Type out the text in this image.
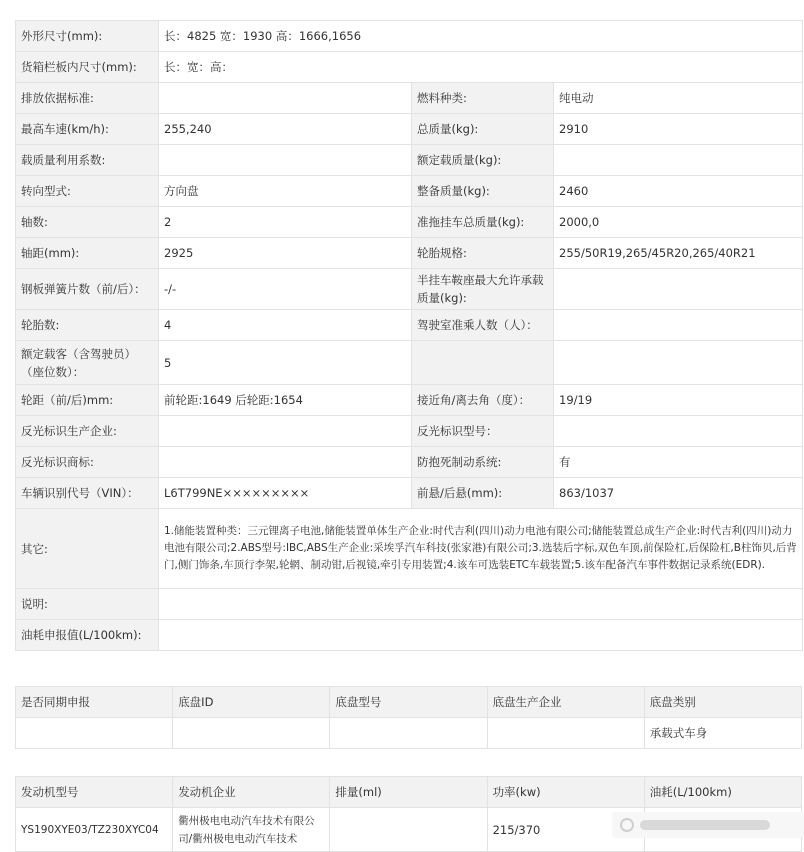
外形尺寸(mm):	长：4825 宽：1930 高：1666,1656		
货箱栏板内尺寸(mm):	长：宽：高：		
排放依据标准:		燃料种类:	纯电动
最高车速(km/h):	255,240	总质量(kg):	2910
载质量利用系数:		额定载质量(kg):	
转向型式:	方向盘	整备质量(kg):	2460
轴数:	2	准拖挂车总质量(kg):	2000,0
轴距(mm):	2925	轮胎规格:	255/50R19,265/45R20,265/40R21
钢板弹簧片数（前/后）：	-/-	半挂车鞍座最大允许承载质量(kg):	
轮胎数:	4	驾驶室准乘人数（人）：	
额定载客（含驾驶员）（座位数）：	5		
轮距（前/后)mm:	前轮距:1649 后轮距:1654	接近角/离去角（度）：	19/19
反光标识生产企业:		反光标识型号：	
反光标识商标:		防抱死制动系统:	有
车辆识别代号（VIN）：	L6T799NE×××××××××	前悬/后悬(mm):	863/1037
其它:	1.储能装置种类：三元锂离子电池,储能装置单体生产企业:时代吉利(四川)动力电池有限公司;储能装置总成生产企业:时代吉利(四川)动力电池有限公司;2.ABS型号:IBC,ABS生产企业:采埃孚汽车科技(张家港)有限公司;3.选装后字标,双色车顶,前保险杠,后保险杠,B柱饰贝,后背门,侧门饰条,车顶行李架,轮辋、制动钳,后视镜,牵引专用装置;4.该车可选装ETC车载装置;5.该车配备汽车事件数据记录系统(EDR).		
说明:			
油耗申报值(L/100km):			
是否同期申报	底盘ID	底盘型号	底盘生产企业	底盘类别
				承载式车身
发动机型号	发动机企业	排量(ml)	功率(kw)	油耗(L/100km)
YS190XYE03/TZ230XYC04	衢州极电电动汽车技术有限公司/衢州极电电动汽车技术		215/370	
